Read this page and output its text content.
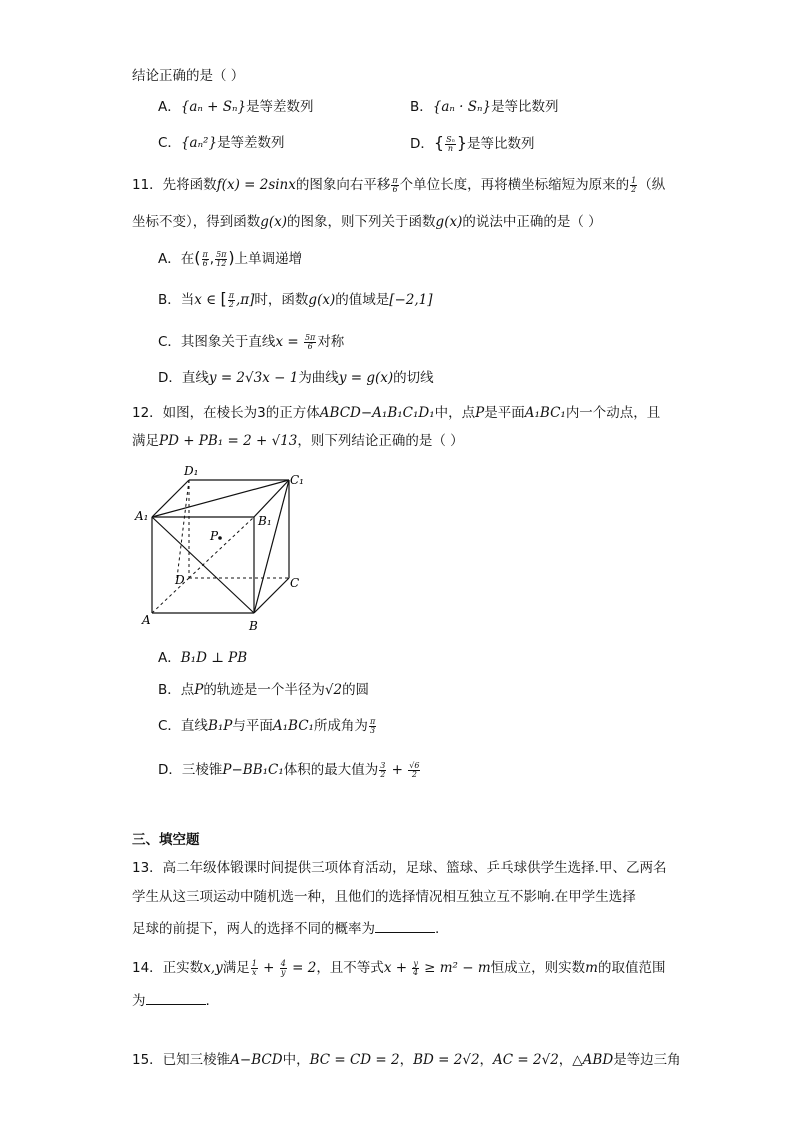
结论正确的是（ ）
A．{aₙ + Sₙ}是等差数列	B．{aₙ · Sₙ}是等比数列
C．{aₙ²}是等差数列	D．{ $\frac{\text{Sₙ}}{n}$ }是等比数列
11．先将函数f(x) = 2sinx的图象向右平移 $\frac{\pi}{6}$ 个单位长度，再将横坐标缩短为原来的 $\frac{1}{2}$ （纵
坐标不变），得到函数g(x)的图象，则下列关于函数g(x)的说法中正确的是（ ）
A．在( $\frac{\pi}{6}$ , $\frac{5\pi}{12}$ )上单调递增
B．当x ∈ [ $\frac{\pi}{2} ,\pi$]时，函数g(x)的值域是[−2,1]
C．其图象关于直线$x = \frac{5\pi}{6}$ 对称
D．直线y = 2√3x − 1为曲线y = g(x)的切线
12．如图，在棱长为3的正方体ABCD−A₁B₁C₁D₁中，点P是平面A₁BC₁内一个动点，且
满足PD + PB₁ = 2 + √13，则下列结论正确的是（ ）
D₁
C₁
A₁	B₁
P
D	C
A	B
A．B₁D ⊥ PB
B．点P的轨迹是一个半径为√2的圆
C．直线B₁P与平面A₁BC₁所成角为 $\frac{\pi}{3}$
D．三棱锥P−BB₁C₁体积的最大值为 $\frac{3}{2} + \frac{√6}{2}$
三、填空题
13．高二年级体锻课时间提供三项体育活动，足球、篮球、乒乓球供学生选择.甲、乙两名
学生从这三项运动中随机选一种，且他们的选择情况相互独立互不影响.在甲学生选择
足球的前提下，两人的选择不同的概率为	.
14．正实数x,y满足 $\frac{1}{x} + \frac{4}{y} = 2$，且不等式$x + \frac{y}{4} \ge m^2 - m$恒成立，则实数m的取值范围
为	.
15．已知三棱锥A−BCD中，BC = CD = 2，BD = 2√2，AC = 2√2，△ABD是等边三角
